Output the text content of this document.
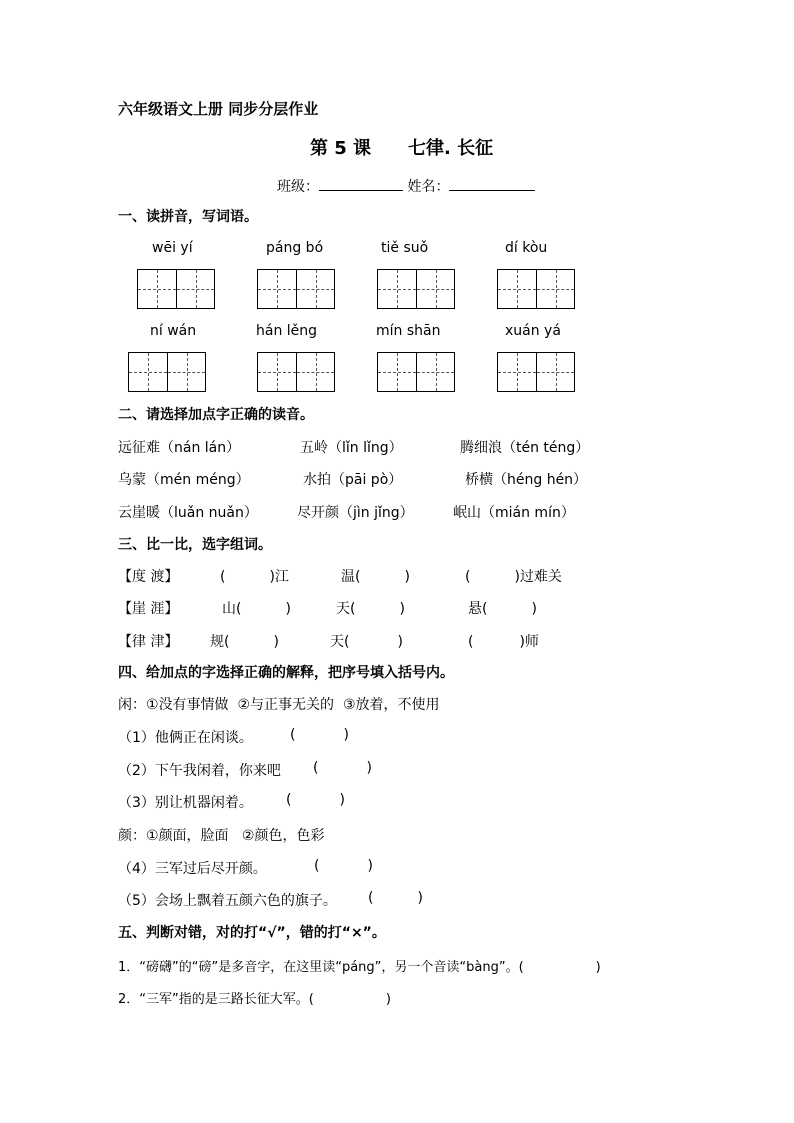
六年级语文上册 同步分层作业
第 5 课 七律. 长征
班级：	姓名：
一、读拼音，写词语。
wēi yí	páng bó	tiě suǒ	dí kòu
ní wán	hán lěng	mín shān	xuán yá
二、请选择加点字正确的读音。
远征难（nán lán）	五岭（lǐn lǐng）	腾细浪（tén téng）
乌蒙（mén méng）	水拍（pāi pò）	桥横（héng hén）
云崖暖（luǎn nuǎn）	尽开颜（jìn jǐng）	岷山（mián mín）
三、比一比，选字组词。
【度 渡】	(	)江	温(	)	(	)过难关
【崖 涯】	山(	)	天(	)	悬(	)
【律 津】 规(	)	天(	)	(	)师
四、给加点的字选择正确的解释，把序号填入括号内。
闲：①没有事情做 ②与正事无关的 ③放着，不使用
（1）他俩正在闲谈。	(	)
（2）下午我闲着，你来吧 (	)
（3）别让机器闲着。 (	)
颜：①颜面，脸面 ②颜色，色彩
（4）三军过后尽开颜。	(	)
（5）会场上飘着五颜六色的旗子。 (	)
五、判断对错，对的打“√”，错的打“×”。
1．“磅礴”的“磅”是多音字，在这里读“páng”，另一个音读“bàng”。(	)
2．“三军”指的是三路长征大军。(	)
